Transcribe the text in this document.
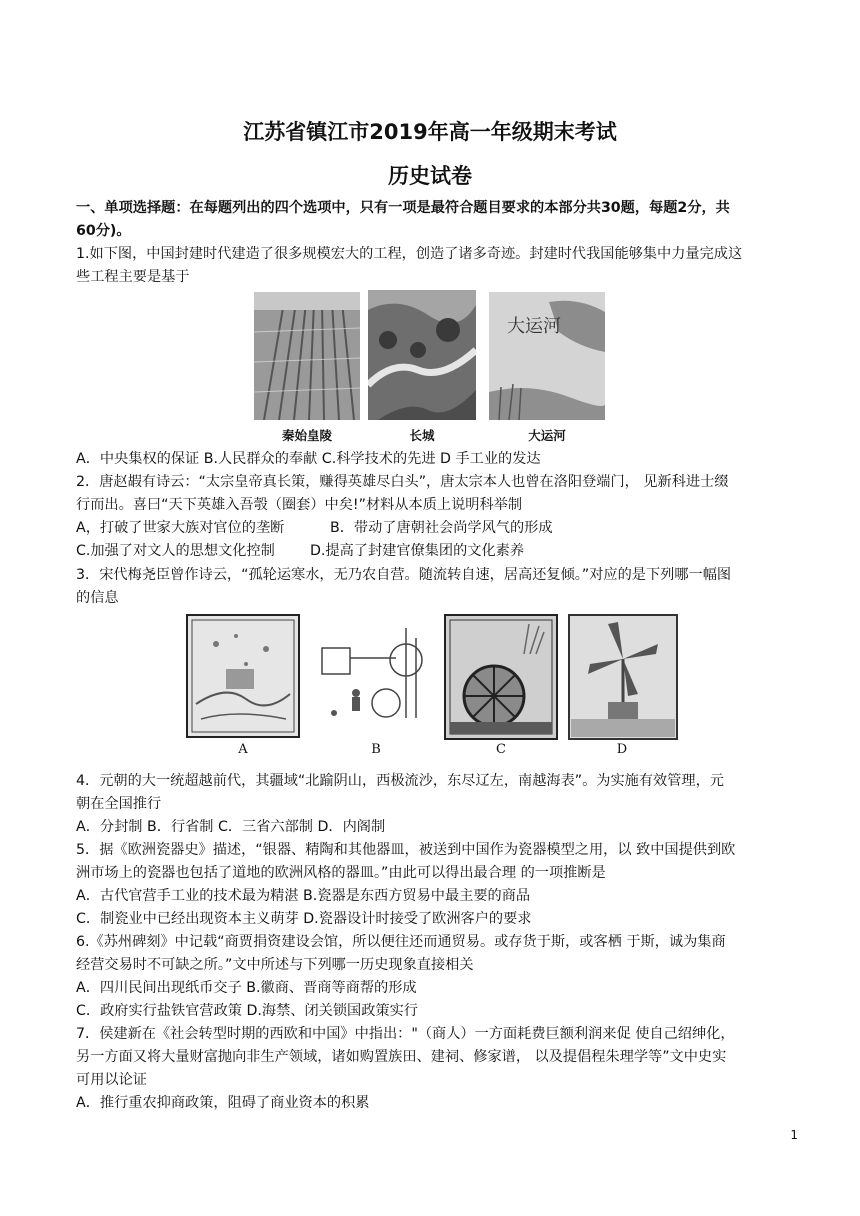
江苏省镇江市2019年高一年级期末考试
历史试卷
一、单项选择题：在每题列出的四个选项中，只有一项是最符合题目要求的本部分共30题，每题2分，共
60分)。
1.如下图，中国封建时代建造了很多规模宏大的工程，创造了诸多奇迹。封建时代我国能够集中力量完成这
些工程主要是基于
大运河
秦始皇陵	长城	大运河
A．中央集权的保证 B.人民群众的奉献 C.科学技术的先进 D 手工业的发达
2．唐赵嘏有诗云：“太宗皇帝真长策，赚得英雄尽白头”，唐太宗本人也曾在洛阳登端门， 见新科进士缀
行而出。喜曰“天下英雄入吾彀（圈套）中矣!”材料从本质上说明科举制
A，打破了世家大族对官位的垄断	B．带动了唐朝社会尚学风气的形成
C.加强了对文人的思想文化控制	D.提高了封建官僚集团的文化素养
3．宋代梅尧臣曾作诗云，“孤轮运寒水，无乃农自营。随流转自速，居高还复倾。”对应的是下列哪一幅图
的信息
A	B	C	D
4．元朝的大一统超越前代，其疆域“北踰阴山，西极流沙，东尽辽左，南越海表”。为实施有效管理，元
朝在全国推行
A．分封制 B．行省制 C．三省六部制 D．内阁制
5．据《欧洲瓷器史》描述，“银器、精陶和其他器皿，被送到中国作为瓷器模型之用，以 致中国提供到欧
洲市场上的瓷器也包括了道地的欧洲风格的器皿。”由此可以得出最合理 的一项推断是
A．古代官营手工业的技术最为精湛 B.瓷器是东西方贸易中最主要的商品
C．制瓷业中已经出现资本主义萌芽 D.瓷器设计时接受了欧洲客户的要求
6.《苏州碑刻》中记载“商贾捐资建设会馆，所以便往还而通贸易。或存货于斯，或客栖 于斯，诚为集商
经营交易时不可缺之所。”文中所述与下列哪一历史现象直接相关
A．四川民间出现纸币交子 B.徽商、晋商等商帮的形成
C．政府实行盐铁官营政策 D.海禁、闭关锁国政策实行
7．侯建新在《社会转型时期的西欧和中国》中指出："（商人）一方面耗费巨额利润来促 使自己绍绅化，
另一方面又将大量财富抛向非生产领域，诸如购置族田、建祠、修家谱， 以及提倡程朱理学等”文中史实
可用以论证
A．推行重农抑商政策，阻碍了商业资本的积累
1
